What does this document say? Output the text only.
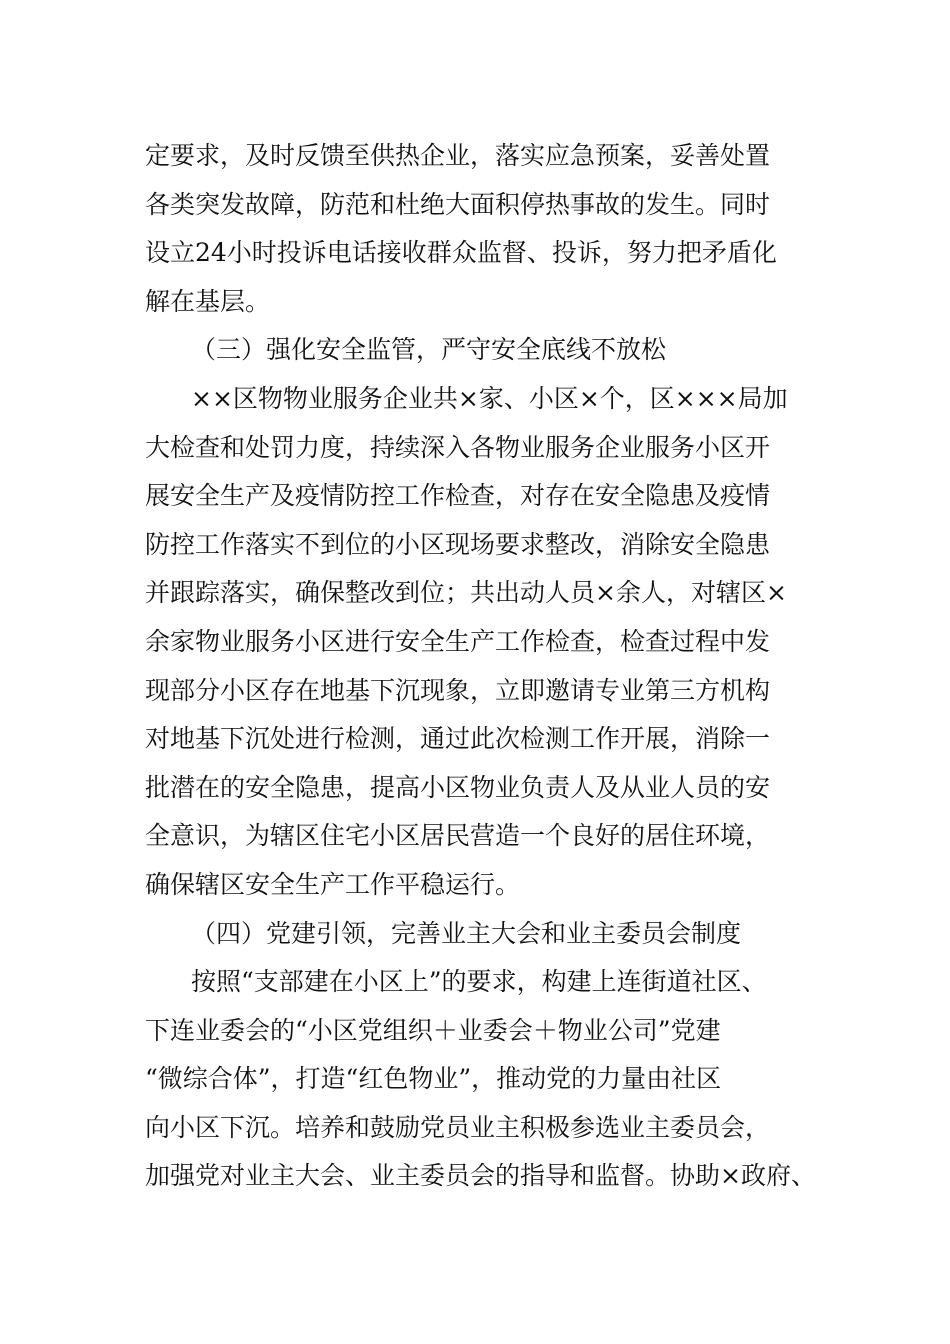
定要求，及时反馈至供热企业，落实应急预案，妥善处置
各类突发故障，防范和杜绝大面积停热事故的发生。同时
设立24小时投诉电话接收群众监督、投诉，努力把矛盾化
解在基层。
（三）强化安全监管，严守安全底线不放松
××区物物业服务企业共×家、小区×个，区×××局加
大检查和处罚力度，持续深入各物业服务企业服务小区开
展安全生产及疫情防控工作检查，对存在安全隐患及疫情
防控工作落实不到位的小区现场要求整改，消除安全隐患
并跟踪落实，确保整改到位；共出动人员×余人，对辖区×
余家物业服务小区进行安全生产工作检查，检查过程中发
现部分小区存在地基下沉现象，立即邀请专业第三方机构
对地基下沉处进行检测，通过此次检测工作开展，消除一
批潜在的安全隐患，提高小区物业负责人及从业人员的安
全意识，为辖区住宅小区居民营造一个良好的居住环境，
确保辖区安全生产工作平稳运行。
（四）党建引领，完善业主大会和业主委员会制度
按照“支部建在小区上”的要求，构建上连街道社区、
下连业委会的“小区党组织＋业委会＋物业公司”党建
“微综合体”，打造“红色物业”，推动党的力量由社区
向小区下沉。培养和鼓励党员业主积极参选业主委员会，
加强党对业主大会、业主委员会的指导和监督。协助×政府、
